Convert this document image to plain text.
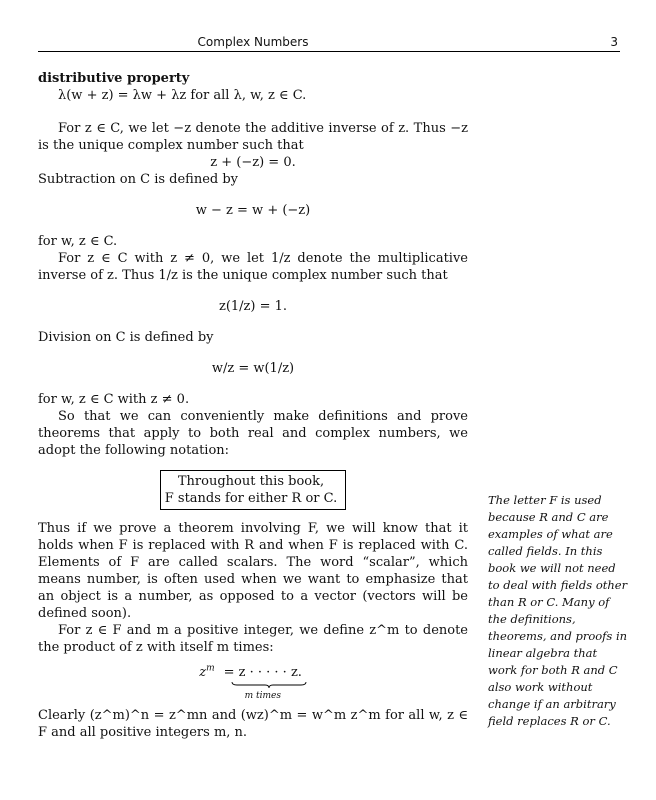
Complex Numbers	3

distributive property

λ(w + z) = λw + λz for all λ, w, z ∈ C.

For z ∈ C, we let −z denote the additive inverse of z. Thus −z is the unique complex number such that

z + (−z) = 0.

Subtraction on C is defined by

w − z = w + (−z)

for w, z ∈ C.

For z ∈ C with z ≠ 0, we let 1/z denote the multiplicative inverse of z. Thus 1/z is the unique complex number such that

z(1/z) = 1.

Division on C is defined by

w/z = w(1/z)

for w, z ∈ C with z ≠ 0.

So that we can conveniently make definitions and prove theorems that apply to both real and complex numbers, we adopt the following notation:

Throughout this book,
F stands for either R or C.

Thus if we prove a theorem involving F, we will know that it holds when F is replaced with R and when F is replaced with C. Elements of F are called scalars. The word “scalar”, which means number, is often used when we want to emphasize that an object is a number, as opposed to a vector (vectors will be defined soon).

For z ∈ F and m a positive integer, we define z^m to denote the product of z with itself m times:

$z^m = z$ · · · · · z.
m times

Clearly (z^m)^n = z^mn and (wz)^m = w^m z^m for all w, z ∈ F and all positive integers m, n.

The letter F is used because R and C are examples of what are called fields. In this book we will not need to deal with fields other than R or C. Many of the definitions, theorems, and proofs in linear algebra that work for both R and C also work without change if an arbitrary field replaces R or C.
